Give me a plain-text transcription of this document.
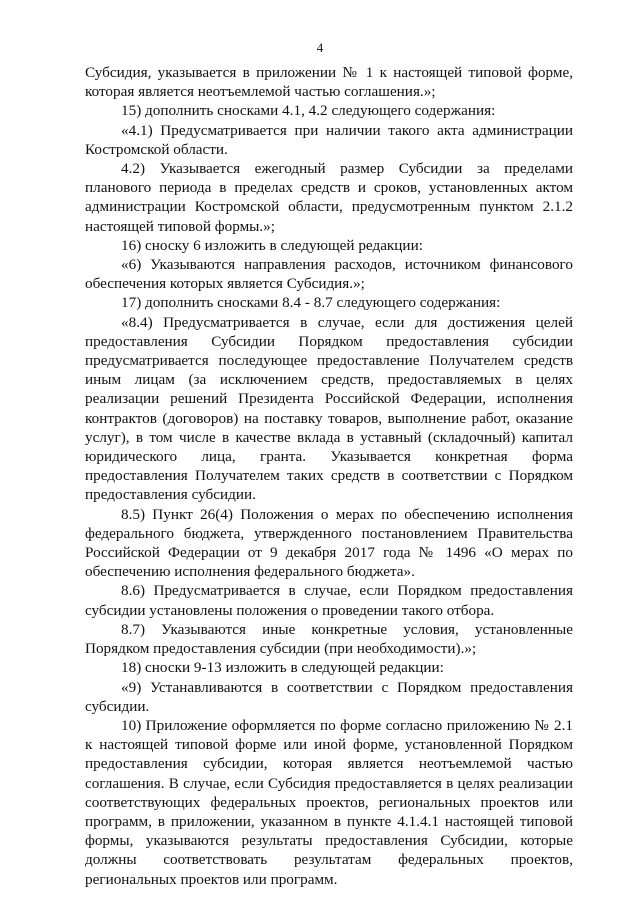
4

Субсидия, указывается в приложении № 1 к настоящей типовой форме, которая является неотъемлемой частью соглашения.»;

15) дополнить сносками 4.1, 4.2 следующего содержания:

«4.1) Предусматривается при наличии такого акта администрации Костромской области.

4.2) Указывается ежегодный размер Субсидии за пределами планового периода в пределах средств и сроков, установленных актом администрации Костромской области, предусмотренным пунктом 2.1.2 настоящей типовой формы.»;

16) сноску 6 изложить в следующей редакции:

«6) Указываются направления расходов, источником финансового обеспечения которых является Субсидия.»;

17) дополнить сносками 8.4 - 8.7 следующего содержания:

«8.4) Предусматривается в случае, если для достижения целей предоставления Субсидии Порядком предоставления субсидии предусматривается последующее предоставление Получателем средств иным лицам (за исключением средств, предоставляемых в целях реализации решений Президента Российской Федерации, исполнения контрактов (договоров) на поставку товаров, выполнение работ, оказание услуг), в том числе в качестве вклада в уставный (складочный) капитал юридического лица, гранта. Указывается конкретная форма предоставления Получателем таких средств в соответствии с Порядком предоставления субсидии.

8.5) Пункт 26(4) Положения о мерах по обеспечению исполнения федерального бюджета, утвержденного постановлением Правительства Российской Федерации от 9 декабря 2017 года № 1496 «О мерах по обеспечению исполнения федерального бюджета».

8.6) Предусматривается в случае, если Порядком предоставления субсидии установлены положения о проведении такого отбора.

8.7) Указываются иные конкретные условия, установленные Порядком предоставления субсидии (при необходимости).»;

18) сноски 9-13 изложить в следующей редакции:

«9) Устанавливаются в соответствии с Порядком предоставления субсидии.

10) Приложение оформляется по форме согласно приложению № 2.1 к настоящей типовой форме или иной форме, установленной Порядком предоставления субсидии, которая является неотъемлемой частью соглашения. В случае, если Субсидия предоставляется в целях реализации соответствующих федеральных проектов, региональных проектов или программ, в приложении, указанном в пункте 4.1.4.1 настоящей типовой формы, указываются результаты предоставления Субсидии, которые должны соответствовать результатам федеральных проектов, региональных проектов или программ.
